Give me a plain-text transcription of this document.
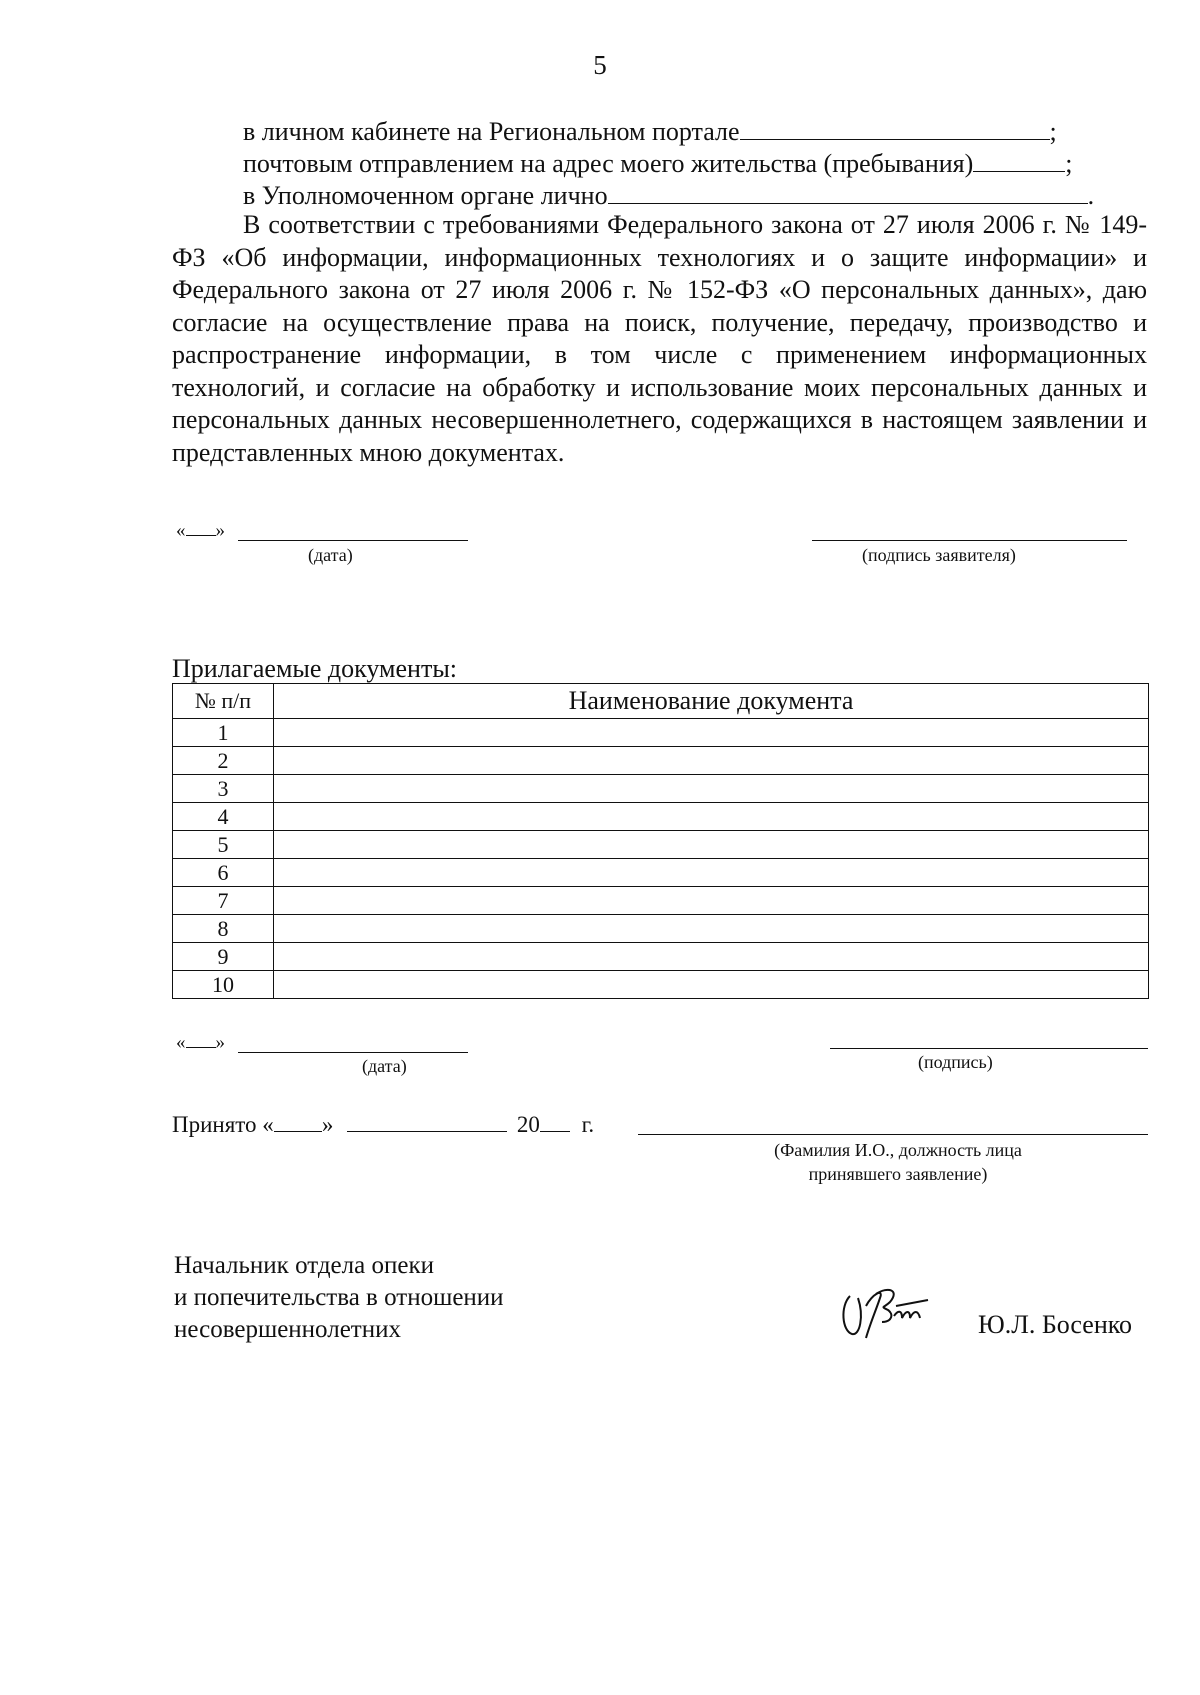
5
в личном кабинете на Региональном портале	;
почтовым отправлением на адрес моего жительства (пребывания)	;
в Уполномоченном органе лично	.

В соответствии с требованиями Федерального закона от 27 июля 2006 г. № 149-ФЗ «Об информации, информационных технологиях и о защите информации» и Федерального закона от 27 июля 2006 г. № 152-ФЗ «О персональных данных», даю согласие на осуществление права на поиск, получение, передачу, производство и распространение информации, в том числе с применением информационных технологий, и согласие на обработку и использование моих персональных данных и персональных данных несовершеннолетнего, содержащихся в настоящем заявлении и представленных мною документах.

« »
(дата)	(подпись заявителя)
Прилагаемые документы:
№ п/п	Наименование документа
1	
2	
3	
4	
5	
6	
7	
8	
9	
10	
« »
(дата)	(подпись)
Принято « »	20 г.
(Фамилия И.О., должность лица принявшего заявление)
Начальник отдела опеки
и попечительства в отношении
несовершеннолетних	Ю.Л. Босенко
